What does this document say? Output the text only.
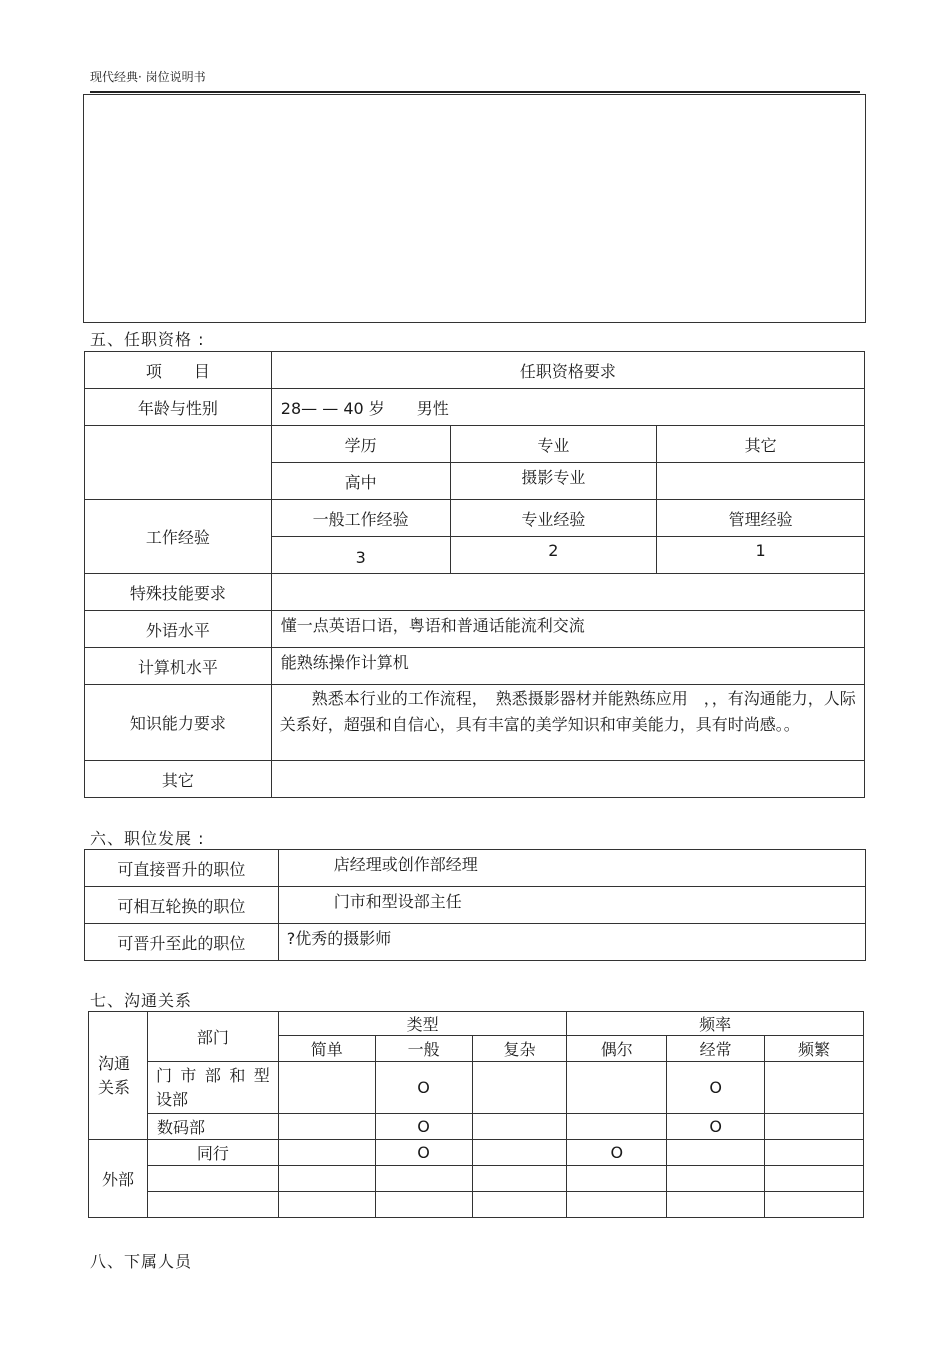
现代经典· 岗位说明书
五、任职资格 :
项　　目	任职资格要求		
年龄与性别	28— — 40 岁　　男性		
	学历	专业	其它
	高中	摄影专业	
工作经验	一般工作经验	专业经验	管理经验
	3	2	1
特殊技能要求			
外语水平	懂一点英语口语，粤语和普通话能流利交流		
计算机水平	能熟练操作计算机		
知识能力要求	熟悉本行业的工作流程，　熟悉摄影器材并能熟练应用　，，有沟通能力，人际关系好，超强和自信心，具有丰富的美学知识和审美能力，具有时尚感。。		
其它			
六、职位发展 :
可直接晋升的职位	店经理或创作部经理
可相互轮换的职位	门市和型设部主任
可晋升至此的职位	?优秀的摄影师
七、沟通关系
沟通关系	部门	类型			频率		
		简单	一般	复杂	偶尔	经常	频繁
	门 市 部 和 型设部		O			O	
	数码部		O			O	
外部	同行		O		O		

八、下属人员
